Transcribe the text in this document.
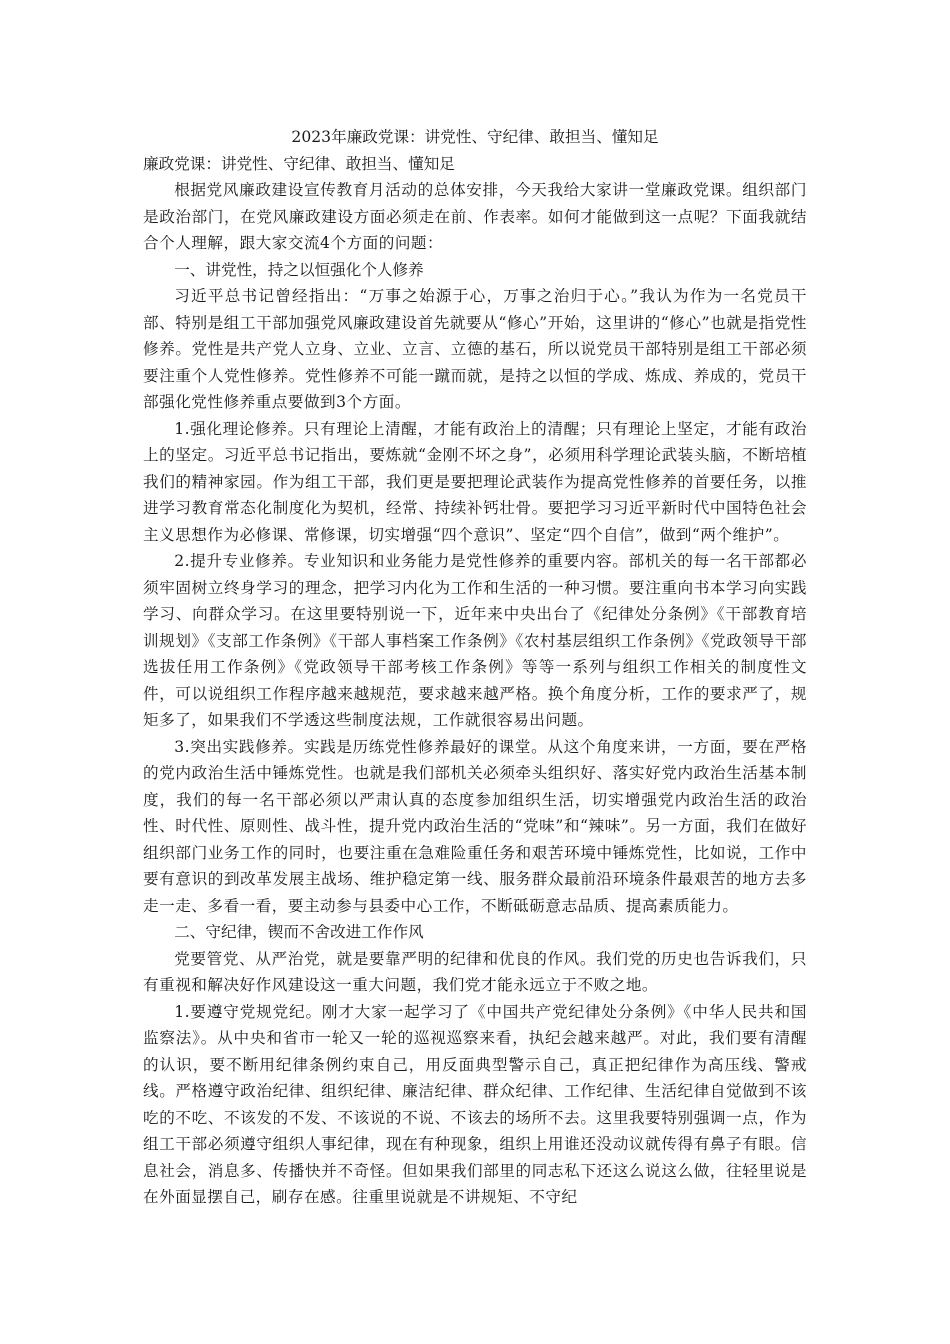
2023年廉政党课：讲党性、守纪律、敢担当、懂知足

廉政党课：讲党性、守纪律、敢担当、懂知足

根据党风廉政建设宣传教育月活动的总体安排，今天我给大家讲一堂廉政党课。组织部门是政治部门，在党风廉政建设方面必须走在前、作表率。如何才能做到这一点呢？下面我就结合个人理解，跟大家交流4个方面的问题：

一、讲党性，持之以恒强化个人修养

习近平总书记曾经指出：“万事之始源于心，万事之治归于心。”我认为作为一名党员干部、特别是组工干部加强党风廉政建设首先就要从“修心”开始，这里讲的“修心”也就是指党性修养。党性是共产党人立身、立业、立言、立德的基石，所以说党员干部特别是组工干部必须要注重个人党性修养。党性修养不可能一蹴而就，是持之以恒的学成、炼成、养成的，党员干部强化党性修养重点要做到3个方面。

1.强化理论修养。只有理论上清醒，才能有政治上的清醒；只有理论上坚定，才能有政治上的坚定。习近平总书记指出，要炼就“金刚不坏之身”，必须用科学理论武装头脑，不断培植我们的精神家园。作为组工干部，我们更是要把理论武装作为提高党性修养的首要任务，以推进学习教育常态化制度化为契机，经常、持续补钙壮骨。要把学习习近平新时代中国特色社会主义思想作为必修课、常修课，切实增强“四个意识”、坚定“四个自信”，做到“两个维护”。

2.提升专业修养。专业知识和业务能力是党性修养的重要内容。部机关的每一名干部都必须牢固树立终身学习的理念，把学习内化为工作和生活的一种习惯。要注重向书本学习向实践学习、向群众学习。在这里要特别说一下，近年来中央出台了《纪律处分条例》《干部教育培训规划》《支部工作条例》《干部人事档案工作条例》《农村基层组织工作条例》《党政领导干部选拔任用工作条例》《党政领导干部考核工作条例》等等一系列与组织工作相关的制度性文件，可以说组织工作程序越来越规范，要求越来越严格。换个角度分析，工作的要求严了，规矩多了，如果我们不学透这些制度法规，工作就很容易出问题。

3.突出实践修养。实践是历练党性修养最好的课堂。从这个角度来讲，一方面，要在严格的党内政治生活中锤炼党性。也就是我们部机关必须牵头组织好、落实好党内政治生活基本制度，我们的每一名干部必须以严肃认真的态度参加组织生活，切实增强党内政治生活的政治性、时代性、原则性、战斗性，提升党内政治生活的“党味”和“辣味”。另一方面，我们在做好组织部门业务工作的同时，也要注重在急难险重任务和艰苦环境中锤炼党性，比如说，工作中要有意识的到改革发展主战场、维护稳定第一线、服务群众最前沿环境条件最艰苦的地方去多走一走、多看一看，要主动参与县委中心工作，不断砥砺意志品质、提高素质能力。

二、守纪律，锲而不舍改进工作作风

党要管党、从严治党，就是要靠严明的纪律和优良的作风。我们党的历史也告诉我们，只有重视和解决好作风建设这一重大问题，我们党才能永远立于不败之地。

1.要遵守党规党纪。刚才大家一起学习了《中国共产党纪律处分条例》《中华人民共和国监察法》。从中央和省市一轮又一轮的巡视巡察来看，执纪会越来越严。对此，我们要有清醒的认识，要不断用纪律条例约束自己，用反面典型警示自己，真正把纪律作为高压线、警戒线。严格遵守政治纪律、组织纪律、廉洁纪律、群众纪律、工作纪律、生活纪律自觉做到不该吃的不吃、不该发的不发、不该说的不说、不该去的场所不去。这里我要特别强调一点，作为组工干部必须遵守组织人事纪律，现在有种现象，组织上用谁还没动议就传得有鼻子有眼。信息社会，消息多、传播快并不奇怪。但如果我们部里的同志私下还这么说这么做，往轻里说是在外面显摆自己，刷存在感。往重里说就是不讲规矩、不守纪
